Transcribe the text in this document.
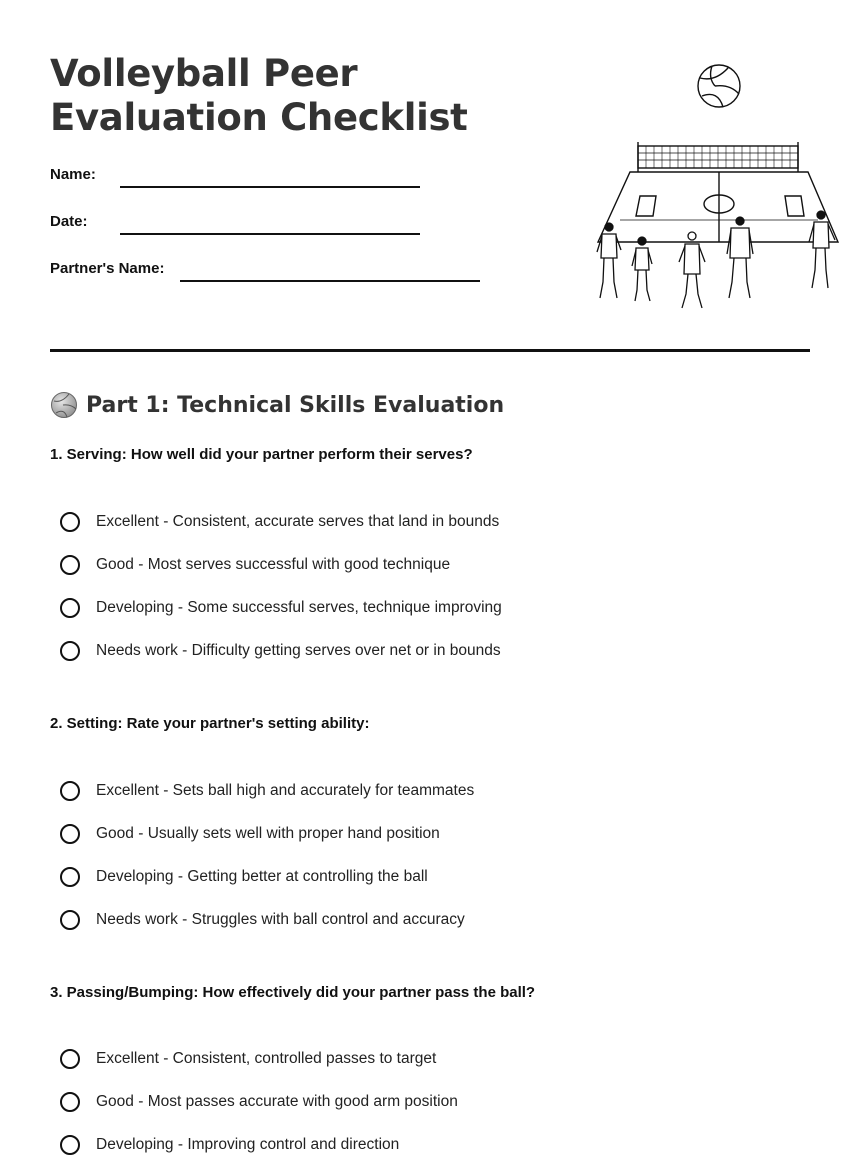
Volleyball Peer
Evaluation Checklist
Name:
Date:
Partner's Name:
Part 1: Technical Skills Evaluation
1. Serving: How well did your partner perform their serves?
Excellent - Consistent, accurate serves that land in bounds
Good - Most serves successful with good technique
Developing - Some successful serves, technique improving
Needs work - Difficulty getting serves over net or in bounds
2. Setting: Rate your partner's setting ability:
Excellent - Sets ball high and accurately for teammates
Good - Usually sets well with proper hand position
Developing - Getting better at controlling the ball
Needs work - Struggles with ball control and accuracy
3. Passing/Bumping: How effectively did your partner pass the ball?
Excellent - Consistent, controlled passes to target
Good - Most passes accurate with good arm position
Developing - Improving control and direction
